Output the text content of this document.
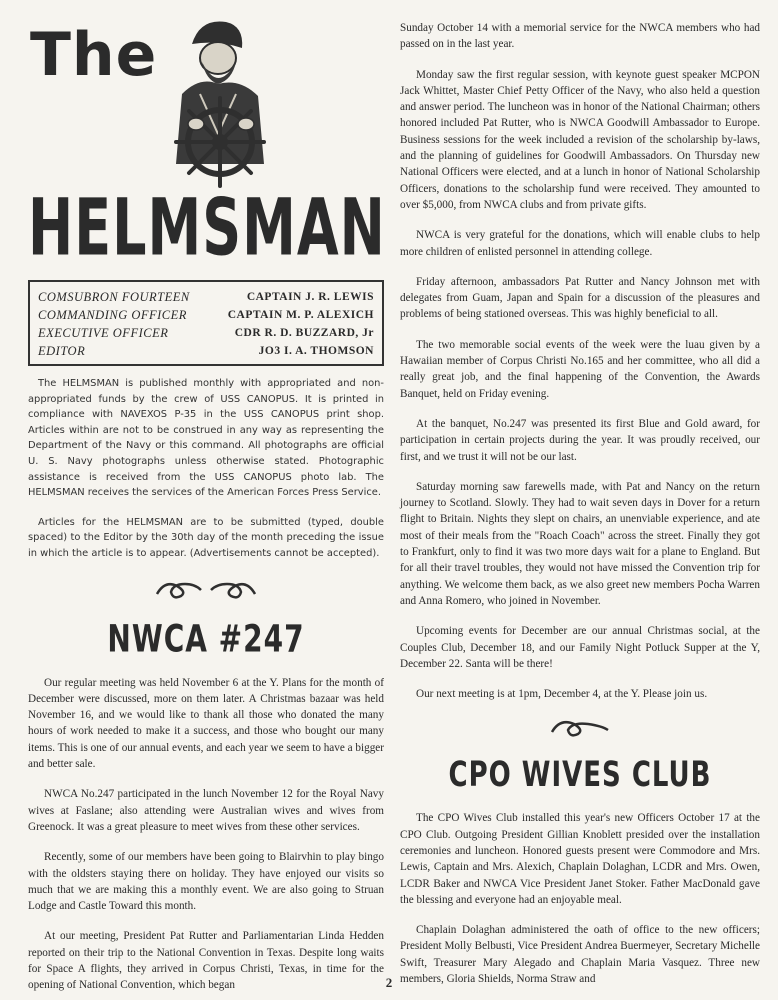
The
HELMSMAN
COMSUBRON FOURTEEN	CAPTAIN J. R. LEWIS
COMMANDING OFFICER	CAPTAIN M. P. ALEXICH
EXECUTIVE OFFICER	CDR R. D. BUZZARD, Jr
EDITOR	JO3 I. A. THOMSON

The HELMSMAN is published monthly with appropriated and non-appropriated funds by the crew of USS CANOPUS. It is printed in compliance with NAVEXOS P-35 in the USS CANOPUS print shop. Articles within are not to be construed in any way as representing the Department of the Navy or this command. All photographs are official U. S. Navy photographs unless otherwise stated. Photographic assistance is received from the USS CANOPUS photo lab. The HELMSMAN receives the services of the American Forces Press Service.

Articles for the HELMSMAN are to be submitted (typed, double spaced) to the Editor by the 30th day of the month preceding the issue in which the article is to appear. (Advertisements cannot be accepted).

NWCA #247

Our regular meeting was held November 6 at the Y. Plans for the month of December were discussed, more on them later. A Christmas bazaar was held November 16, and we would like to thank all those who donated the many hours of work needed to make it a success, and those who bought our many items. This is one of our annual events, and each year we seem to have a bigger and better sale.

NWCA No.247 participated in the lunch November 12 for the Royal Navy wives at Faslane; also attending were Australian wives and wives from Greenock. It was a great pleasure to meet wives from these other services.

Recently, some of our members have been going to Blairvhin to play bingo with the oldsters staying there on holiday. They have enjoyed our visits so much that we are making this a monthly event. We are also going to Struan Lodge and Castle Toward this month.

At our meeting, President Pat Rutter and Parliamentarian Linda Hedden reported on their trip to the National Convention in Texas. Despite long waits for Space A flights, they arrived in Corpus Christi, Texas, in time for the opening of National Convention, which began

Sunday October 14 with a memorial service for the NWCA members who had passed on in the last year.

Monday saw the first regular session, with keynote guest speaker MCPON Jack Whittet, Master Chief Petty Officer of the Navy, who also held a question and answer period. The luncheon was in honor of the National Chairman; others honored included Pat Rutter, who is NWCA Goodwill Ambassador to Europe. Business sessions for the week included a revision of the scholarship by-laws, and the planning of guidelines for Goodwill Ambassadors. On Thursday new National Officers were elected, and at a lunch in honor of National Scholarship Officers, donations to the scholarship fund were received. They amounted to over $5,000, from NWCA clubs and from private gifts.

NWCA is very grateful for the donations, which will enable clubs to help more children of enlisted personnel in attending college.

Friday afternoon, ambassadors Pat Rutter and Nancy Johnson met with delegates from Guam, Japan and Spain for a discussion of the pleasures and problems of being stationed overseas. This was highly beneficial to all.

The two memorable social events of the week were the luau given by a Hawaiian member of Corpus Christi No.165 and her committee, who all did a really great job, and the final happening of the Convention, the Awards Banquet, held on Friday evening.

At the banquet, No.247 was presented its first Blue and Gold award, for participation in certain projects during the year. It was proudly received, our first, and we trust it will not be our last.

Saturday morning saw farewells made, with Pat and Nancy on the return journey to Scotland. Slowly. They had to wait seven days in Dover for a return flight to Britain. Nights they slept on chairs, an unenviable experience, and ate most of their meals from the "Roach Coach" across the street. Finally they got to Frankfurt, only to find it was two more days wait for a plane to England. But for all their travel troubles, they would not have missed the Convention trip for anything. We welcome them back, as we also greet new members Pocha Warren and Anna Romero, who joined in November.

Upcoming events for December are our annual Christmas social, at the Couples Club, December 18, and our Family Night Potluck Supper at the Y, December 22. Santa will be there!

Our next meeting is at 1pm, December 4, at the Y. Please join us.

CPO WIVES CLUB

The CPO Wives Club installed this year's new Officers October 17 at the CPO Club. Outgoing President Gillian Knoblett presided over the installation ceremonies and luncheon. Honored guests present were Commodore and Mrs. Lewis, Captain and Mrs. Alexich, Chaplain Dolaghan, LCDR and Mrs. Owen, LCDR Baker and NWCA Vice President Janet Stoker. Father MacDonald gave the blessing and everyone had an enjoyable meal.

Chaplain Dolaghan administered the oath of office to the new officers; President Molly Belbusti, Vice President Andrea Buermeyer, Secretary Michelle Swift, Treasurer Mary Alegado and Chaplain Maria Vasquez. Three new members, Gloria Shields, Norma Straw and

2
